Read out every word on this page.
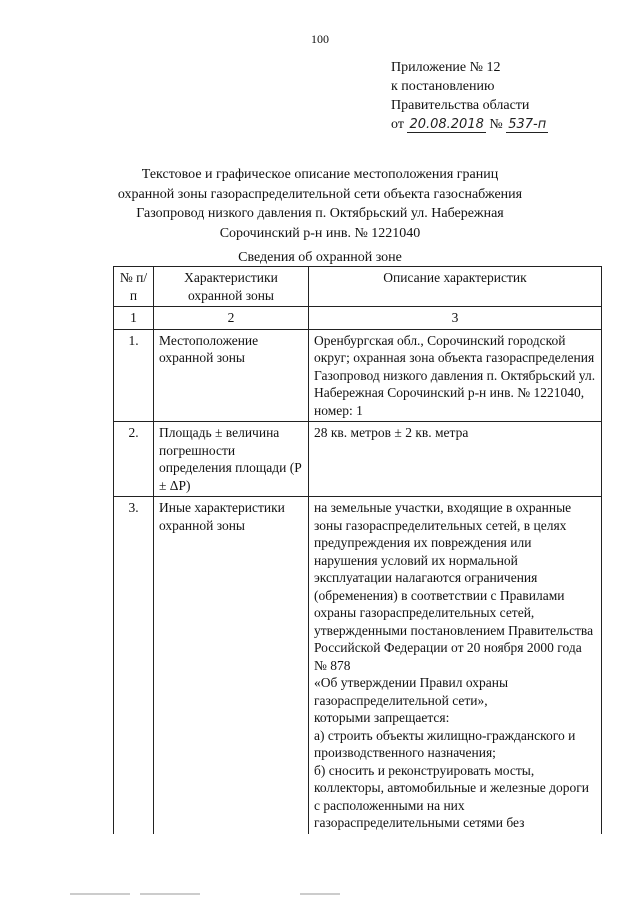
100
Приложение № 12
к постановлению
Правительства области
от 20.08.2018 № 537-п
Текстовое и графическое описание местоположения границ
охранной зоны газораспределительной сети объекта газоснабжения
Газопровод низкого давления п. Октябрьский ул. Набережная
Сорочинский р-н инв. № 1221040
Сведения об охранной зоне
№ п/п	Характеристики охранной зоны	Описание характеристик
1	2	3
1.	Местоположение охранной зоны	Оренбургская обл., Сорочинский городской округ; охранная зона объекта газораспределения Газопровод низкого давления п. Октябрьский ул. Набережная Сорочинский р-н инв. № 1221040, номер: 1
2.	Площадь ± величина погрешности определения площади (P ± ΔP)	28 кв. метров ± 2 кв. метра
3.	Иные характеристики охранной зоны	на земельные участки, входящие в охранные зоны газораспределительных сетей, в целях предупреждения их повреждения или нарушения условий их нормальной эксплуатации налагаются ограничения (обременения) в соответствии с Правилами охраны газораспределительных сетей, утвержденными постановлением Правительства Российской Федерации от 20 ноября 2000 года № 878
«Об утверждении Правил охраны газораспределительной сети»,
которыми запрещается:
а) строить объекты жилищно-гражданского и производственного назначения;
б) сносить и реконструировать мосты, коллекторы, автомобильные и железные дороги с расположенными на них газораспределительными сетями без
